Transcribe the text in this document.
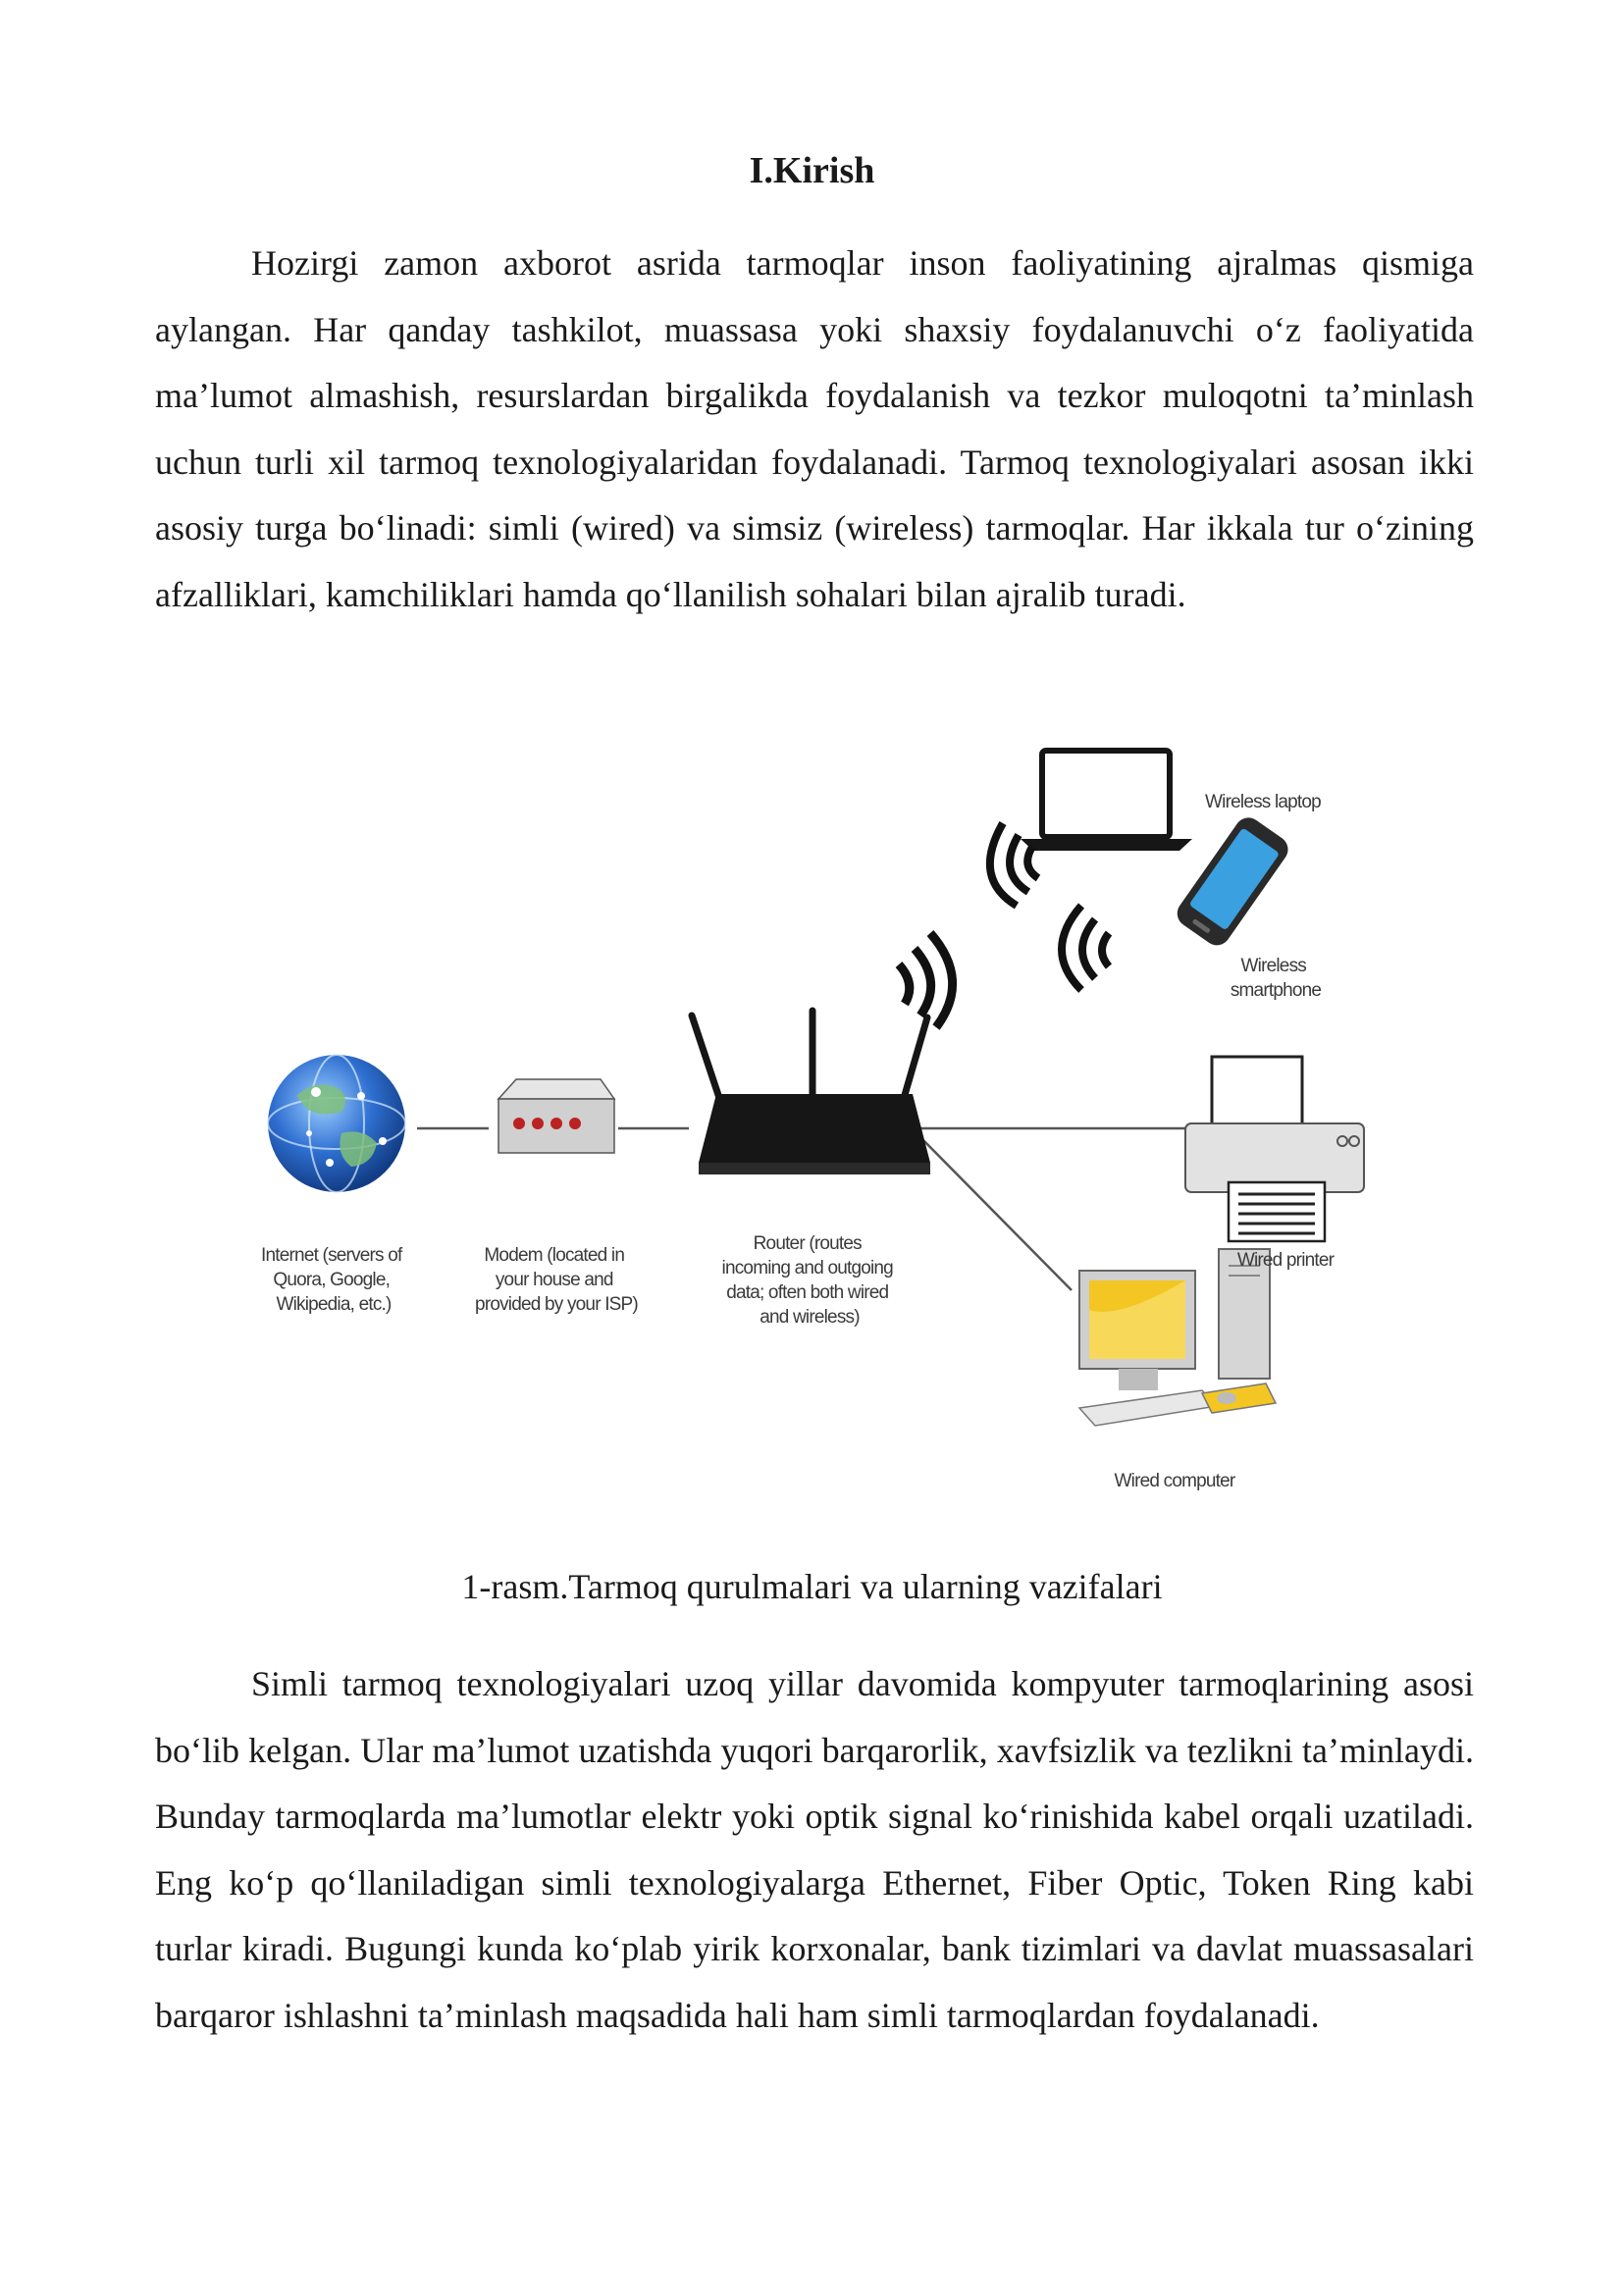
I.Kirish

Hozirgi zamon axborot asrida tarmoqlar inson faoliyatining ajralmas qismiga aylangan. Har qanday tashkilot, muassasa yoki shaxsiy foydalanuvchi o‘z faoliyatida ma’lumot almashish, resurslardan birgalikda foydalanish va tezkor muloqotni ta’minlash uchun turli xil tarmoq texnologiyalaridan foydalanadi. Tarmoq texnologiyalari asosan ikki asosiy turga bo‘linadi: simli (wired) va simsiz (wireless) tarmoqlar. Har ikkala tur o‘zining afzalliklari, kamchiliklari hamda qo‘llanilish sohalari bilan ajralib turadi.

Internet (servers of Quora, Google, Wikipedia, etc.)
Modem (located in your house and provided by your ISP)
Router (routes incoming and outgoing data; often both wired and wireless)
Wireless laptop
Wireless smartphone
Wired printer
Wired computer
1-rasm.Tarmoq qurulmalari va ularning vazifalari

Simli tarmoq texnologiyalari uzoq yillar davomida kompyuter tarmoqlarining asosi bo‘lib kelgan. Ular ma’lumot uzatishda yuqori barqarorlik, xavfsizlik va tezlikni ta’minlaydi. Bunday tarmoqlarda ma’lumotlar elektr yoki optik signal ko‘rinishida kabel orqali uzatiladi. Eng ko‘p qo‘llaniladigan simli texnologiyalarga Ethernet, Fiber Optic, Token Ring kabi turlar kiradi. Bugungi kunda ko‘plab yirik korxonalar, bank tizimlari va davlat muassasalari barqaror ishlashni ta’minlash maqsadida hali ham simli tarmoqlardan foydalanadi.
